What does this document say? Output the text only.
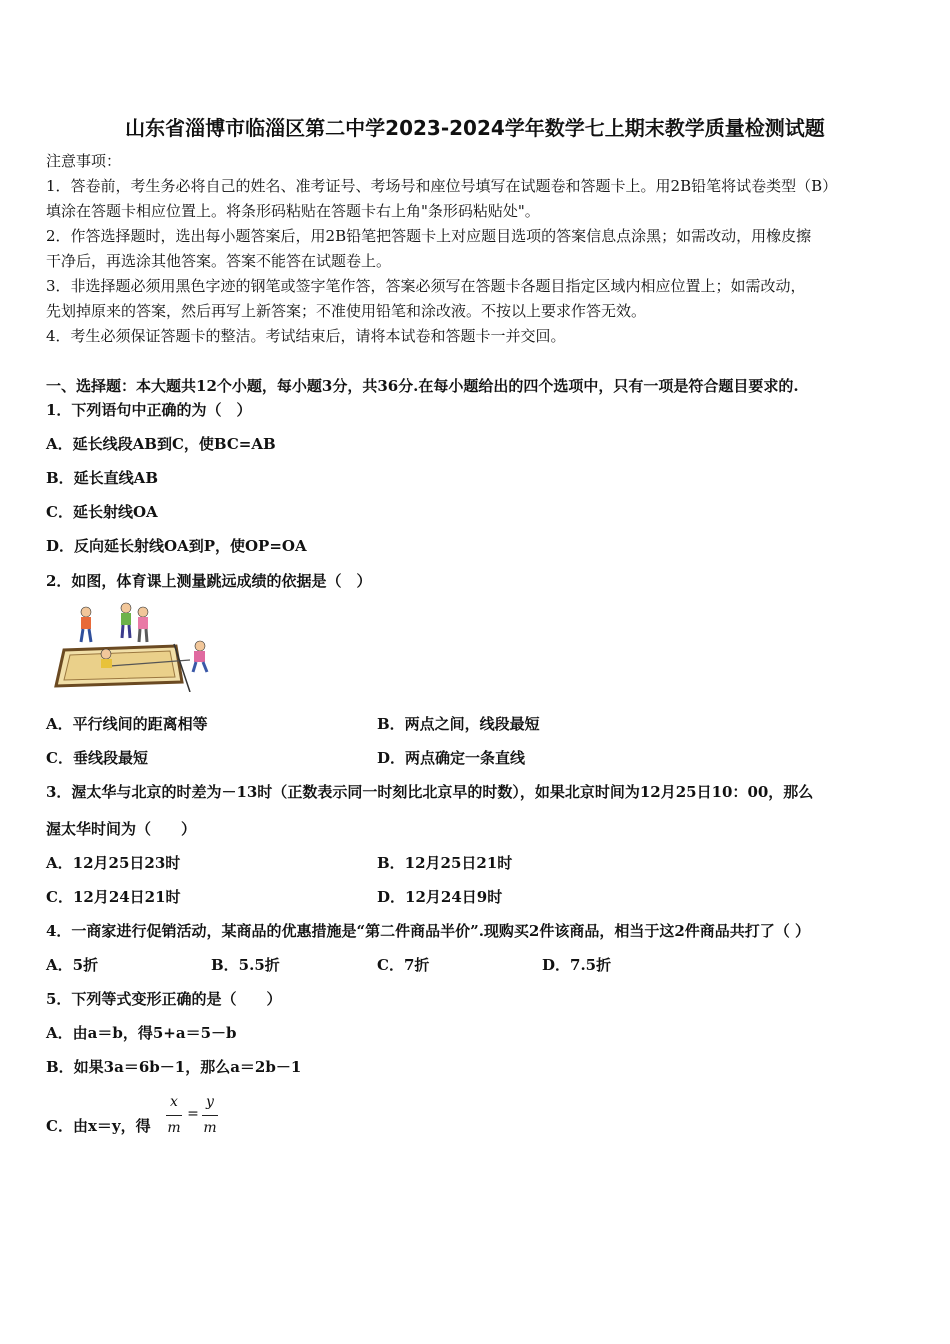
山东省淄博市临淄区第二中学2023-2024学年数学七上期末教学质量检测试题
注意事项：
1．答卷前，考生务必将自己的姓名、准考证号、考场号和座位号填写在试题卷和答题卡上。用2B铅笔将试卷类型（B）
填涂在答题卡相应位置上。将条形码粘贴在答题卡右上角"条形码粘贴处"。
2．作答选择题时，选出每小题答案后，用2B铅笔把答题卡上对应题目选项的答案信息点涂黑；如需改动，用橡皮擦
干净后，再选涂其他答案。答案不能答在试题卷上。
3．非选择题必须用黑色字迹的钢笔或签字笔作答，答案必须写在答题卡各题目指定区域内相应位置上；如需改动，
先划掉原来的答案，然后再写上新答案；不准使用铅笔和涂改液。不按以上要求作答无效。
4．考生必须保证答题卡的整洁。考试结束后，请将本试卷和答题卡一并交回。
一、选择题：本大题共12个小题，每小题3分，共36分.在每小题给出的四个选项中，只有一项是符合题目要求的.
1．下列语句中正确的为（　）
A．延长线段AB到C，使BC=AB
B．延长直线AB
C．延长射线OA
D．反向延长射线OA到P，使OP=OA
2．如图，体育课上测量跳远成绩的依据是（　）
A．平行线间的距离相等	B．两点之间，线段最短
C．垂线段最短	D．两点确定一条直线
3．渥太华与北京的时差为－13时（正数表示同一时刻比北京早的时数），如果北京时间为12月25日10：00，那么
渥太华时间为（　　）
A．12月25日23时	B．12月25日21时
C．12月24日21时	D．12月24日9时
4．一商家进行促销活动，某商品的优惠措施是“第二件商品半价”.现购买2件该商品，相当于这2件商品共打了（ ）
A．5折	B．5.5折	C．7折	D．7.5折
5．下列等式变形正确的是（　　）
A．由a＝b，得5+a＝5－b
B．如果3a＝6b－1，那么a＝2b－1
C．由x＝y，得
x
m
=
y
m
